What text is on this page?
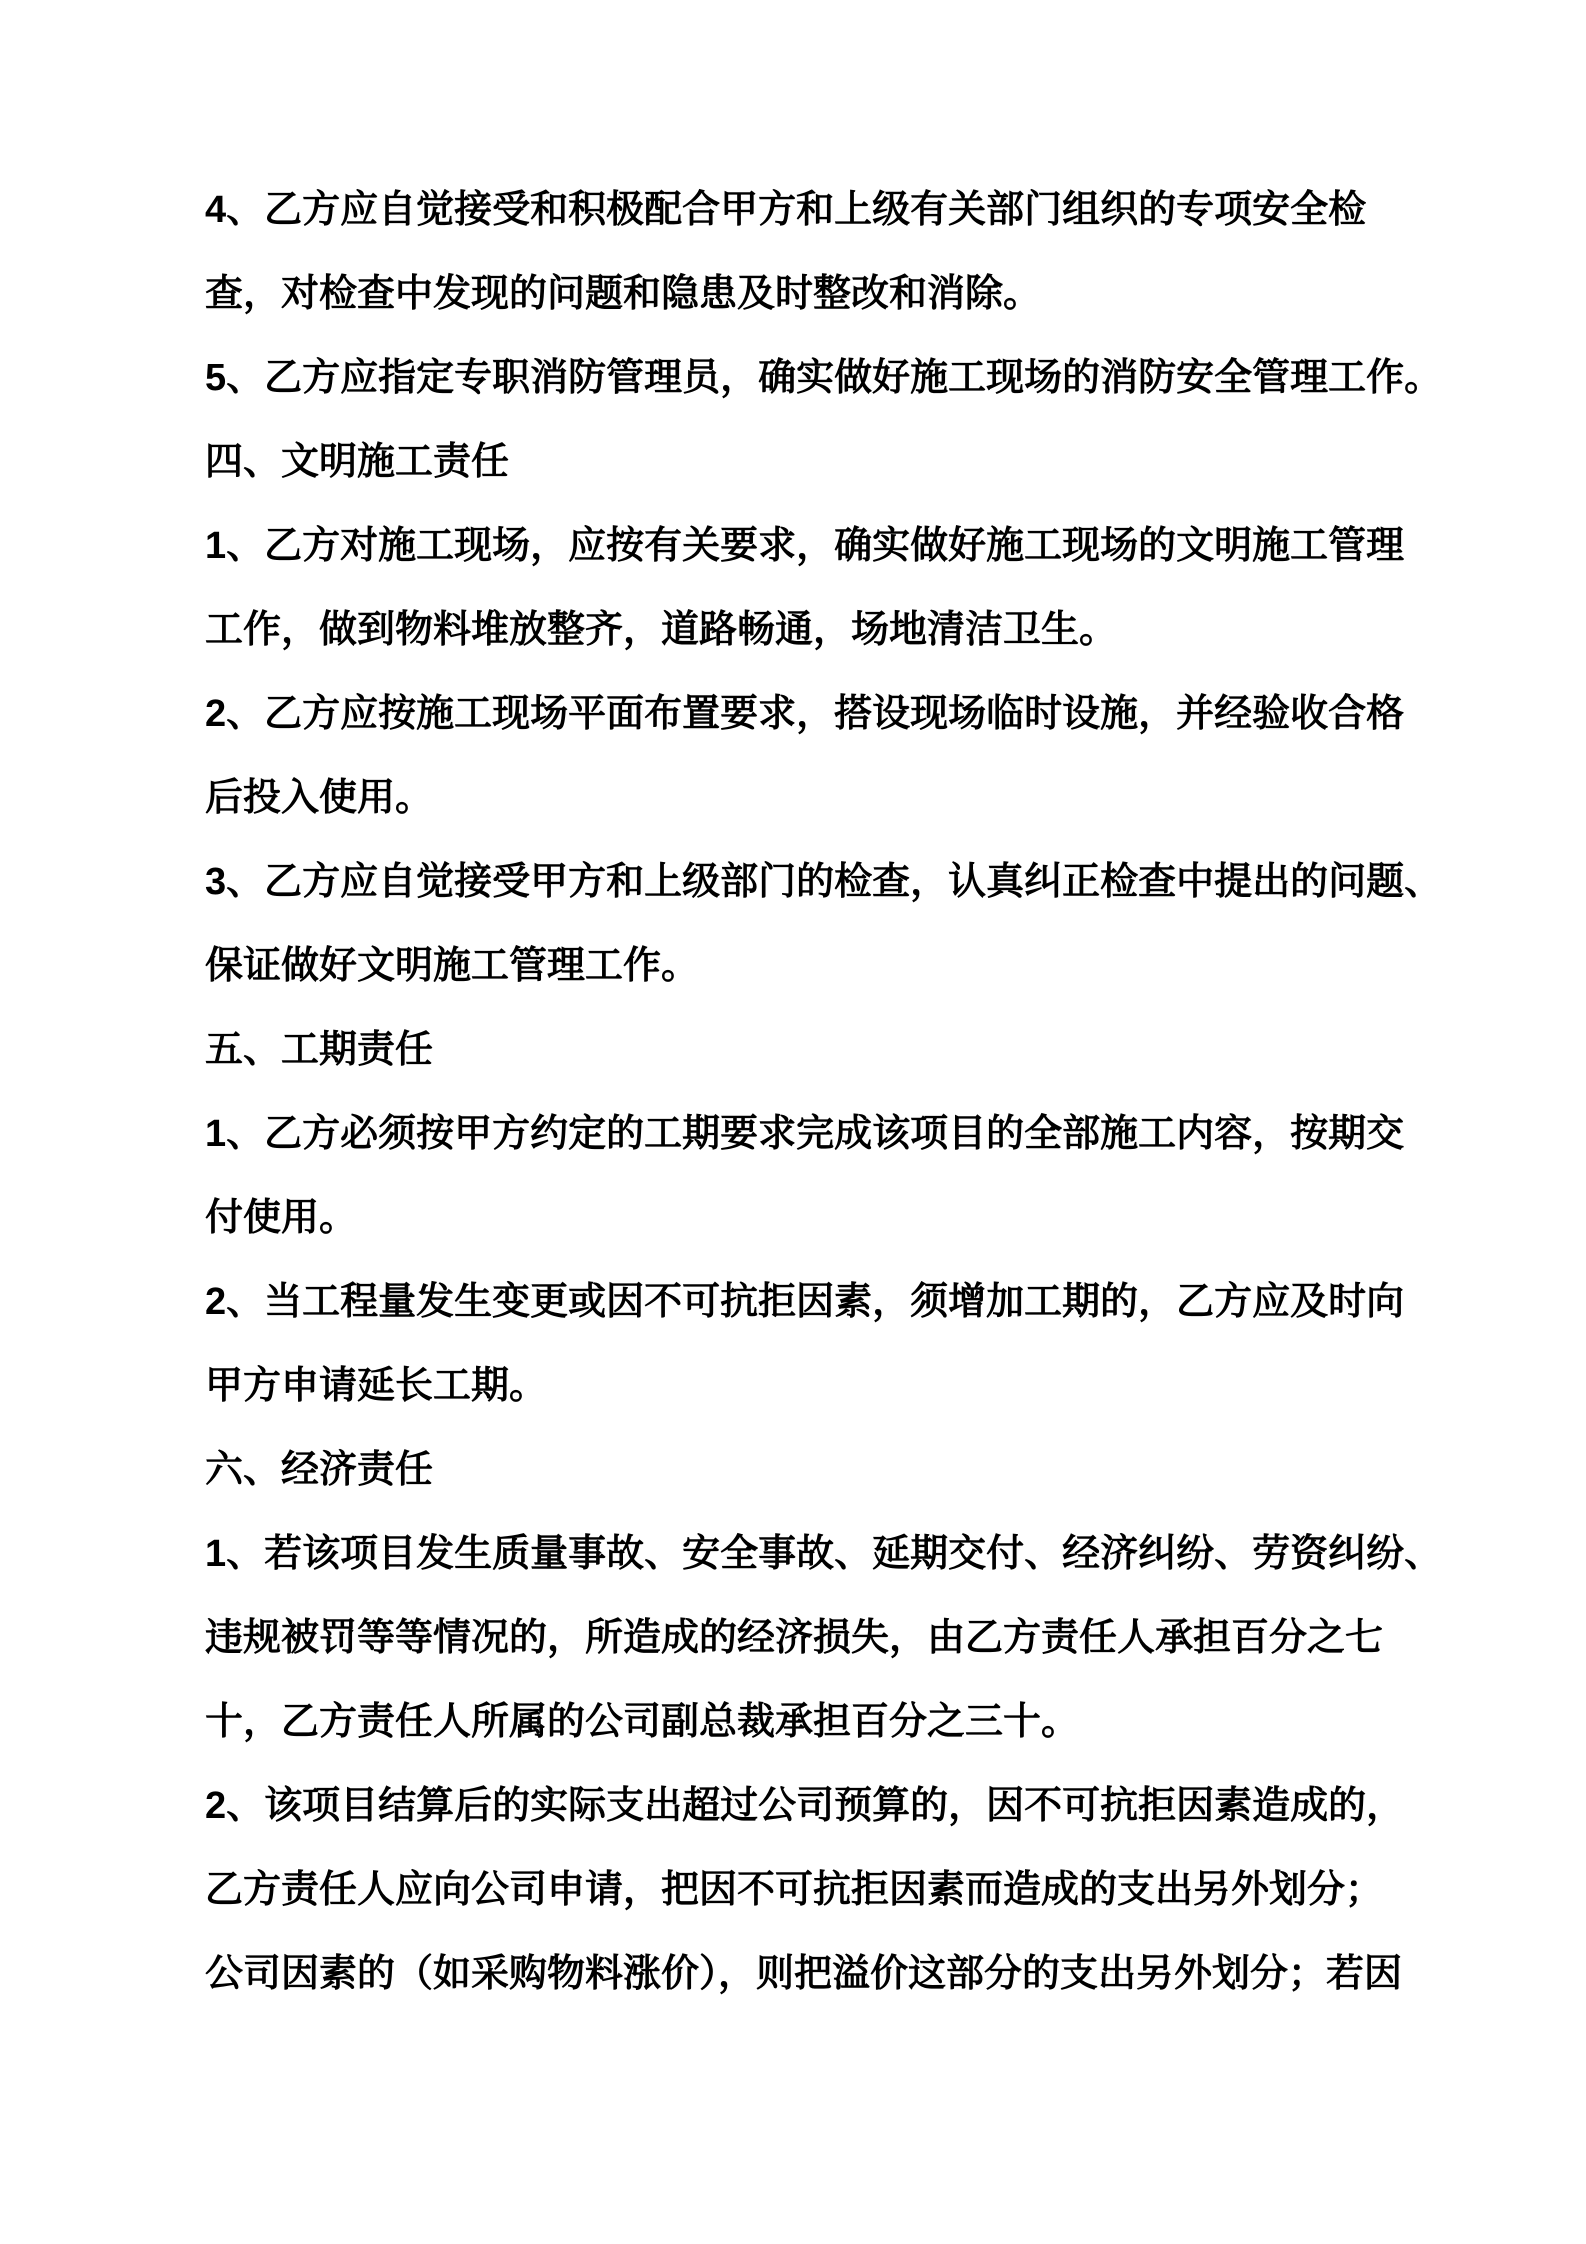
4、乙方应自觉接受和积极配合甲方和上级有关部门组织的专项安全检
查，对检查中发现的问题和隐患及时整改和消除。
5、乙方应指定专职消防管理员，确实做好施工现场的消防安全管理工作。
四、文明施工责任
1、乙方对施工现场，应按有关要求，确实做好施工现场的文明施工管理
工作，做到物料堆放整齐，道路畅通，场地清洁卫生。
2、乙方应按施工现场平面布置要求，搭设现场临时设施，并经验收合格
后投入使用。
3、乙方应自觉接受甲方和上级部门的检查，认真纠正检查中提出的问题、
保证做好文明施工管理工作。
五、工期责任
1、乙方必须按甲方约定的工期要求完成该项目的全部施工内容，按期交
付使用。
2、当工程量发生变更或因不可抗拒因素，须增加工期的，乙方应及时向
甲方申请延长工期。
六、经济责任
1、若该项目发生质量事故、安全事故、延期交付、经济纠纷、劳资纠纷、
违规被罚等等情况的，所造成的经济损失，由乙方责任人承担百分之七
十，乙方责任人所属的公司副总裁承担百分之三十。
2、该项目结算后的实际支出超过公司预算的，因不可抗拒因素造成的，
乙方责任人应向公司申请，把因不可抗拒因素而造成的支出另外划分；
公司因素的（如采购物料涨价），则把溢价这部分的支出另外划分；若因
